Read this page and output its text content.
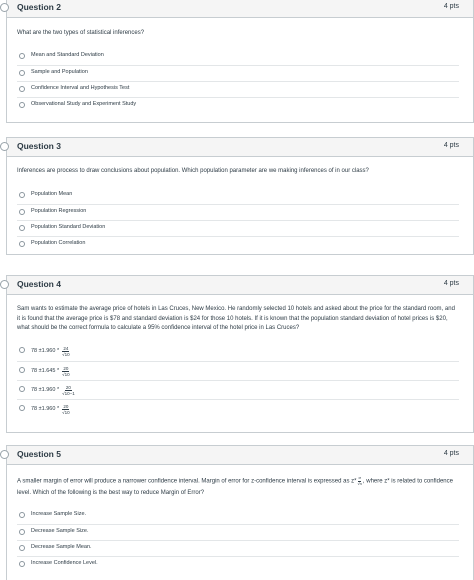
Question 2	4 pts
What are the two types of statistical inferences?
Mean and Standard Deviation
Sample and Population
Confidence Interval and Hypothesis Test
Observational Study and Experiment Study
Question 3	4 pts
Inferences are process to draw conclusions about population. Which population parameter are we making inferences of in our class?
Population Mean
Population Regression
Population Standard Deviation
Population Correlation
Question 4	4 pts
Sam wants to estimate the average price of hotels in Las Cruces, New Mexico. He randomly selected 10 hotels and asked about the price for the standard room, and it is found that the average price is $78 and standard deviation is $24 for those 10 hotels. If it is known that the population standard deviation of hotel prices is $20, what should be the correct formula to calculate a 95% confidence interval of the hotel price in Las Cruces?
$78 \pm 1.960 * \frac{24}{√10}$
$78 \pm 1.645 * \frac{20}{√10}$
$78 \pm 1.960 * \frac{20}{√10-1}$
$78 \pm 1.960 * \frac{20}{√10}$
Question 5	4 pts
A smaller margin of error will produce a narrower confidence interval. Margin of error for z-confidence interval is expressed as $z* \frac{\sigma}{√n}$ , where z* is related to confidence level. Which of the following is the best way to reduce Margin of Error?
Increase Sample Size.
Decrease Sample Size.
Decrease Sample Mean.
Increase Confidence Level.
